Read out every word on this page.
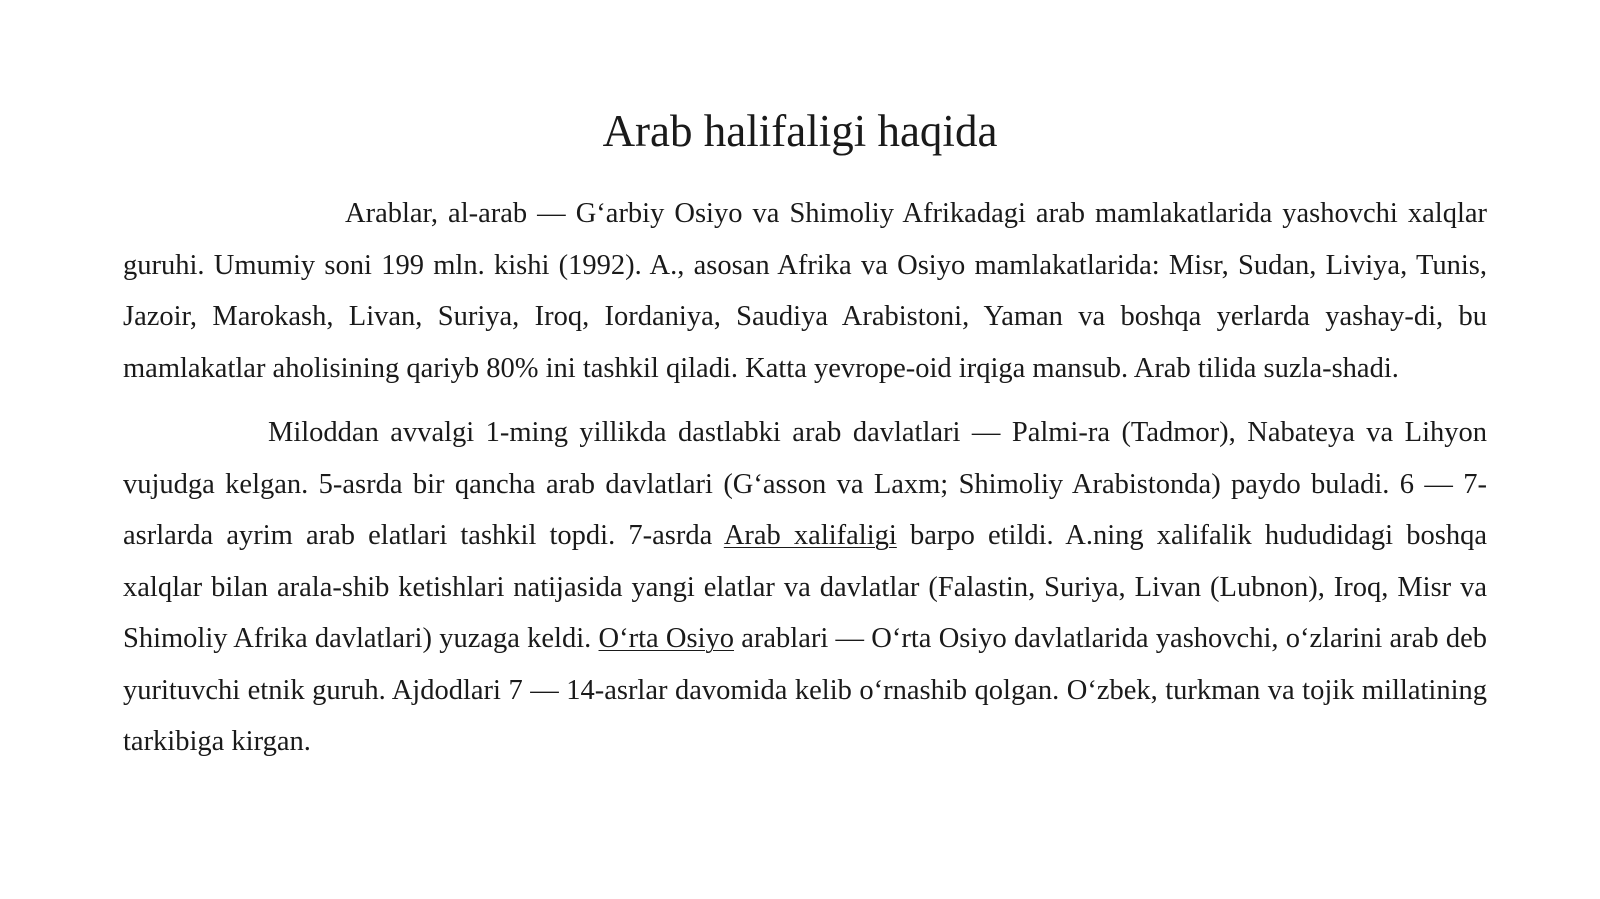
Arab halifaligi haqida

Arablar, al-arab — G‘arbiy Osiyo va Shimoliy Afrikadagi arab mamlakatlarida yashovchi xalqlar guruhi. Umumiy soni 199 mln. kishi (1992). A., asosan Afrika va Osiyo mamlakatlarida: Misr, Sudan, Liviya, Tunis, Jazoir, Marokash, Livan, Suriya, Iroq, Iordaniya, Saudiya Arabistoni, Yaman va boshqa yerlarda yashay-di, bu mamlakatlar aholisining qariyb 80% ini tashkil qiladi. Katta yevrope-oid irqiga mansub. Arab tilida suzla-shadi.

Miloddan avvalgi 1-ming yillikda dastlabki arab davlatlari — Palmi-ra (Tadmor), Nabateya va Lihyon vujudga kelgan. 5-asrda bir qancha arab davlatlari (G‘asson va Laxm; Shimoliy Arabistonda) paydo buladi. 6 — 7-asrlarda ayrim arab elatlari tashkil topdi. 7-asrda Arab xalifaligi barpo etildi. A.ning xalifalik hududidagi boshqa xalqlar bilan arala-shib ketishlari natijasida yangi elatlar va davlatlar (Falastin, Suriya, Livan (Lubnon), Iroq, Misr va Shimoliy Afrika davlatlari) yuzaga keldi. O‘rta Osiyo arablari — O‘rta Osiyo davlatlarida yashovchi, o‘zlarini arab deb yurituvchi etnik guruh. Ajdodlari 7 — 14-asrlar davomida kelib o‘rnashib qolgan. O‘zbek, turkman va tojik millatining tarkibiga kirgan.
